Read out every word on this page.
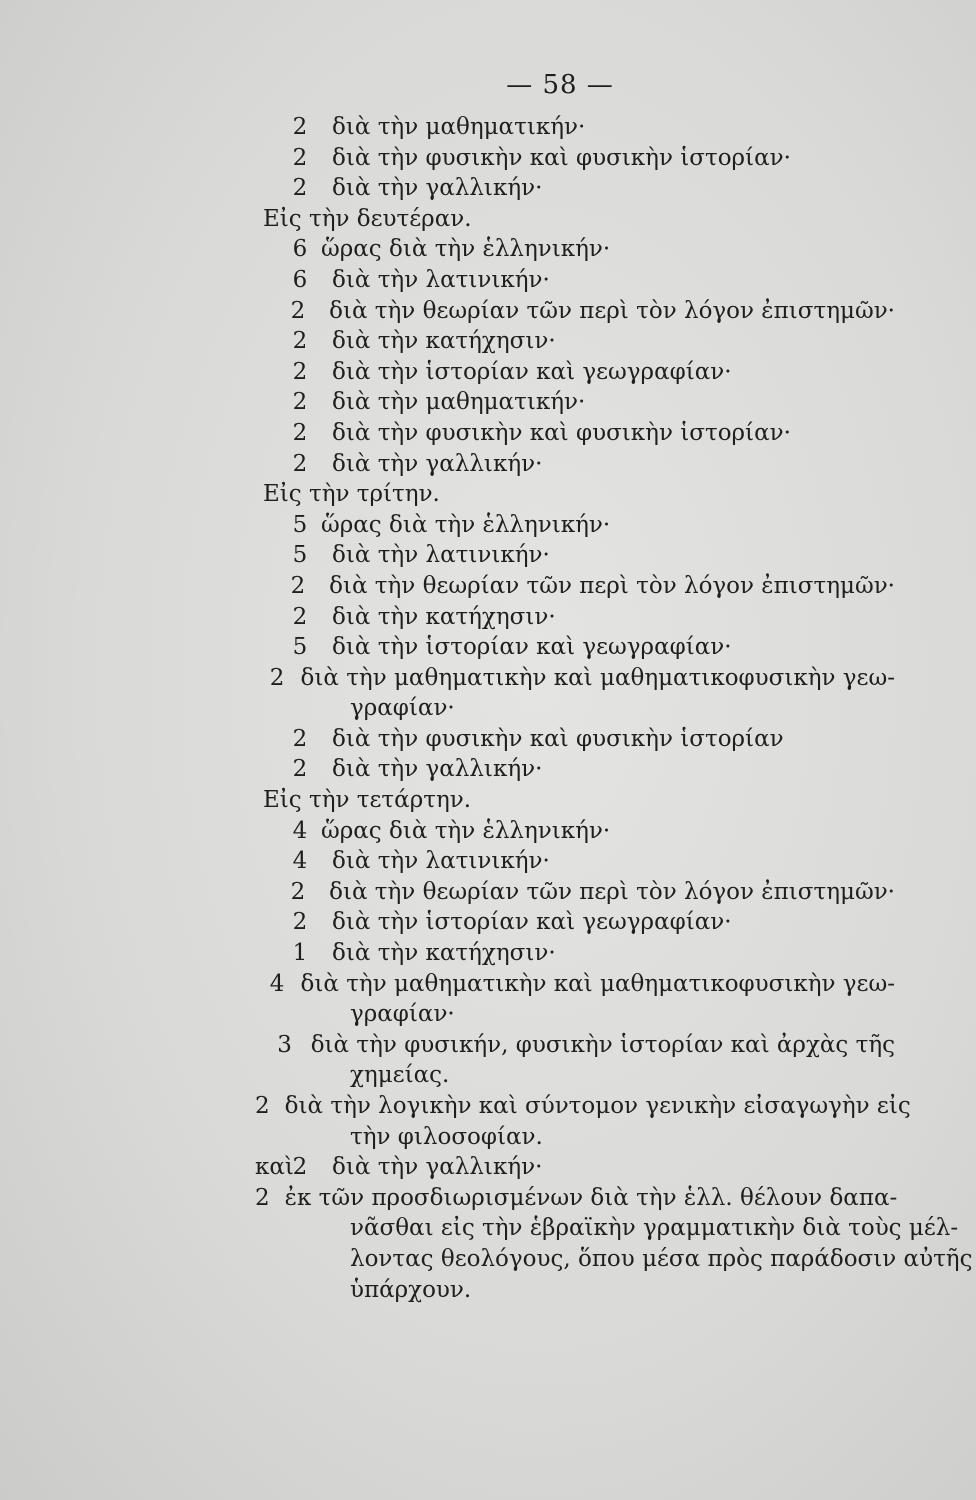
— 58 —
2	διὰ τὴν μαθηματικήν·
2	διὰ τὴν φυσικὴν καὶ φυσικὴν ἱστορίαν·
2	διὰ τὴν γαλλικήν·
Εἰς τὴν δευτέραν.
6 ὥρας διὰ τὴν ἑλληνικήν·
6	διὰ τὴν λατινικήν·
2	διὰ τὴν θεωρίαν τῶν περὶ τὸν λόγον ἐπιστημῶν·
2	διὰ τὴν κατήχησιν·
2	διὰ τὴν ἱστορίαν καὶ γεωγραφίαν·
2	διὰ τὴν μαθηματικήν·
2	διὰ τὴν φυσικὴν καὶ φυσικὴν ἱστορίαν·
2	διὰ τὴν γαλλικήν·
Εἰς τὴν τρίτην.
5 ὥρας διὰ τὴν ἑλληνικήν·
5	διὰ τὴν λατινικήν·
2	διὰ τὴν θεωρίαν τῶν περὶ τὸν λόγον ἐπιστημῶν·
2	διὰ τὴν κατήχησιν·
5	διὰ τὴν ἱστορίαν καὶ γεωγραφίαν·
2 διὰ τὴν μαθηματικὴν καὶ μαθηματικοφυσικὴν γεω-
γραφίαν·
2	διὰ τὴν φυσικὴν καὶ φυσικὴν ἱστορίαν
2	διὰ τὴν γαλλικήν·
Εἰς τὴν τετάρτην.
4 ὥρας διὰ τὴν ἑλληνικήν·
4	διὰ τὴν λατινικήν·
2	διὰ τὴν θεωρίαν τῶν περὶ τὸν λόγον ἐπιστημῶν·
2	διὰ τὴν ἱστορίαν καὶ γεωγραφίαν·
1	διὰ τὴν κατήχησιν·
4 διὰ τὴν μαθηματικὴν καὶ μαθηματικοφυσικὴν γεω-
γραφίαν·
3 διὰ τὴν φυσικήν, φυσικὴν ἱστορίαν καὶ ἀρχὰς τῆς
χημείας.
2 διὰ τὴν λογικὴν καὶ σύντομον γενικὴν εἰσαγωγὴν εἰς
τὴν φιλοσοφίαν.
καὶ
2	διὰ τὴν γαλλικήν·
2 ἐκ τῶν προσδιωρισμένων διὰ τὴν ἑλλ. θέλουν δαπα-
νᾶσθαι εἰς τὴν ἑβραϊκὴν γραμματικὴν διὰ τοὺς μέλ-
λοντας θεολόγους, ὅπου μέσα πρὸς παράδοσιν αὐτῆς
ὑπάρχουν.
